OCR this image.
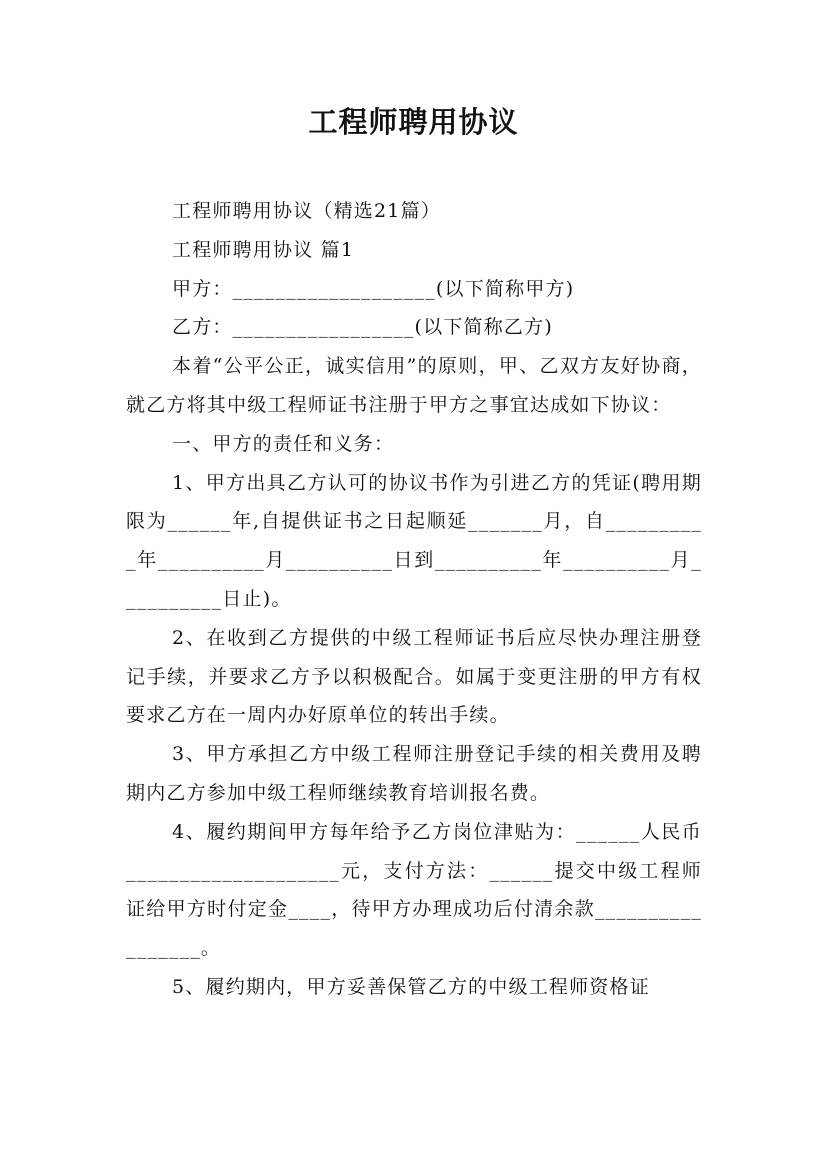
工程师聘用协议

工程师聘用协议（精选21篇）

工程师聘用协议 篇1

甲方：___________________(以下简称甲方)

乙方：_________________(以下简称乙方)

本着“公平公正，诚实信用”的原则，甲、乙双方友好协商，就乙方将其中级工程师证书注册于甲方之事宜达成如下协议：

一、甲方的责任和义务：

1、甲方出具乙方认可的协议书作为引进乙方的凭证(聘用期限为______年,自提供证书之日起顺延_______月，自__________年__________月__________日到__________年__________月__________日止)。

2、在收到乙方提供的中级工程师证书后应尽快办理注册登记手续，并要求乙方予以积极配合。如属于变更注册的甲方有权要求乙方在一周内办好原单位的转出手续。

3、甲方承担乙方中级工程师注册登记手续的相关费用及聘期内乙方参加中级工程师继续教育培训报名费。

4、履约期间甲方每年给予乙方岗位津贴为：______人民币____________________元，支付方法：______提交中级工程师证给甲方时付定金____，待甲方办理成功后付清余款_________________。

5、履约期内，甲方妥善保管乙方的中级工程师资格证
